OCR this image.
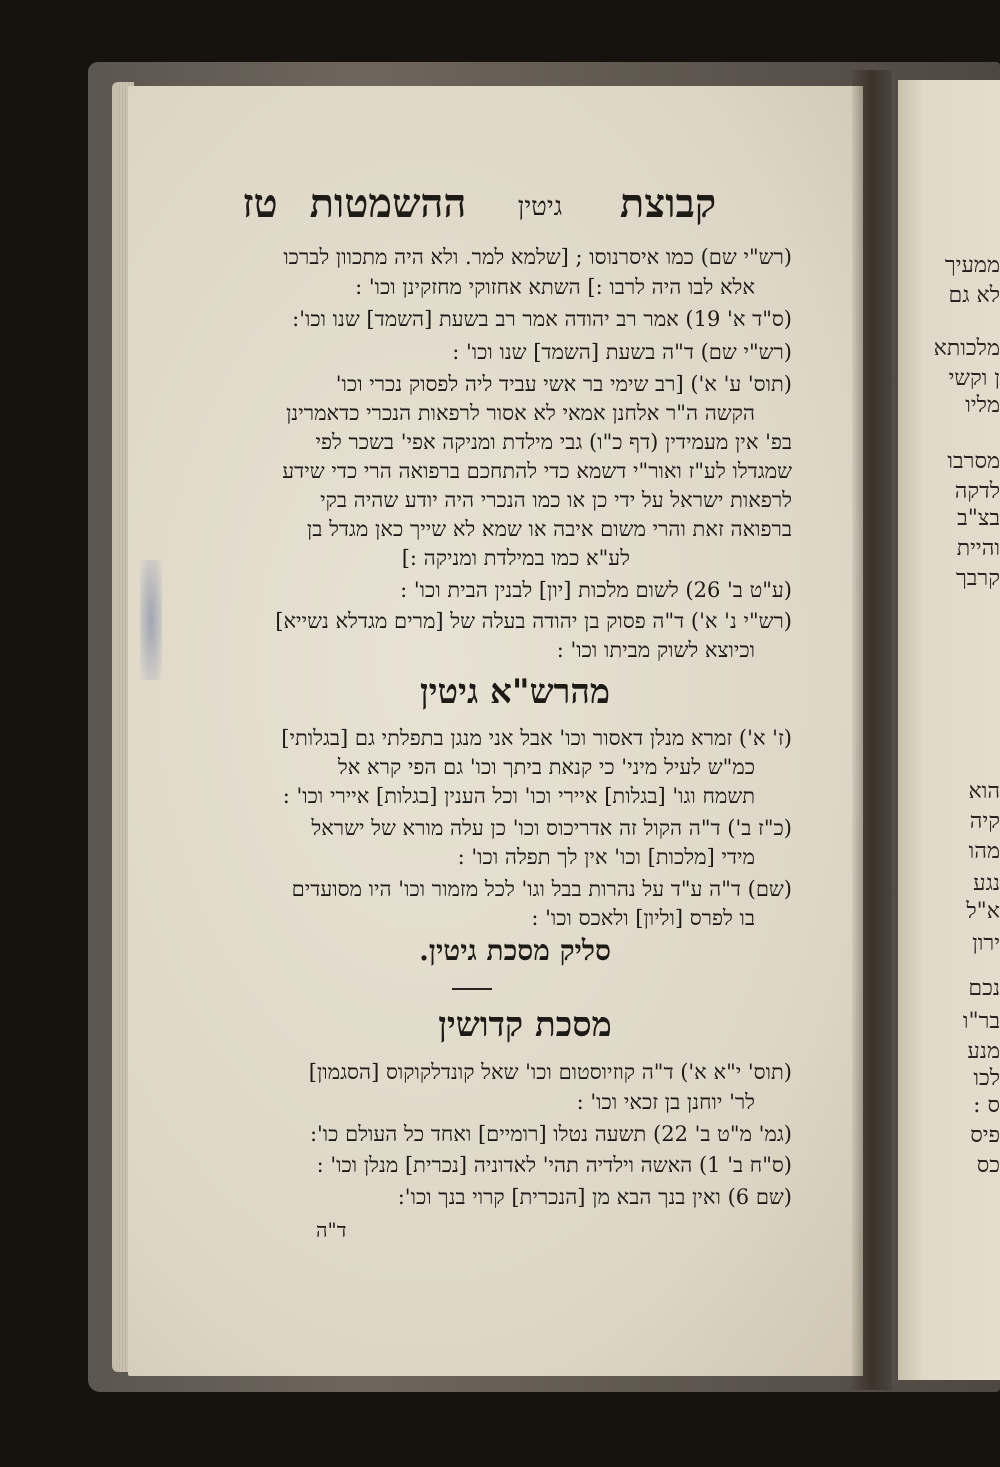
ממעיך
לא גם
מלכותא
ן וקשי
מליו
מסרבו
לדקה
בצ"ב
והיית
קרבך
הוא
קיה
מהו
נגע
א"ל
ירון
נכם
בר"ו
מנע
לכו
ס :
פיס
כס
קבוצת
גיטין
ההשמטות
טז
(רש"י שם) כמו איסרנוסו ; [שלמא למר. ולא היה מתכוון לברכו
אלא לבו היה לרבו :] השתא אחזוקי מחזקינן וכו' :
(ס"ד א' 19) אמר רב יהודה אמר רב בשעת [השמד] שנו וכו':
(רש"י שם) ד"ה בשעת [השמד] שנו וכו' :
(תוס' ע' א') [רב שימי בר אשי עביד ליה לפסוק נכרי וכו'
הקשה ה"ר אלחנן אמאי לא אסור לרפאות הנכרי כדאמרינן
בפ' אין מעמידין (דף כ"ו) גבי מילדת ומניקה אפי' בשכר לפי
שמגדלו לע"ז ואור"י דשמא כדי להתחכם ברפואה הרי כדי שידע
לרפאות ישראל על ידי כן או כמו הנכרי היה יודע שהיה בקי
ברפואה זאת והרי משום איבה או שמא לא שייך כאן מגדל בן
לע"א כמו במילדת ומניקה :]
(ע"ט ב' 26) לשום מלכות [יון] לבנין הבית וכו' :
(רש"י נ' א') ד"ה פסוק בן יהודה בעלה של [מרים מגדלא נשייא]
וכיוצא לשוק מביתו וכו' :
מהרש"א גיטין
(ז' א') זמרא מנלן דאסור וכו' אבל אני מנגן בתפלתי גם [בגלותי]
כמ"ש לעיל מיני' כי קנאת ביתך וכו' גם הפי קרא אל
תשמח וגו' [בגלות] איירי וכו' וכל הענין [בגלות] איירי וכו' :
(כ"ז ב') ד"ה הקול זה אדריכוס וכו' כן עלה מורא של ישראל
מידי [מלכות] וכו' אין לך תפלה וכו' :
(שם) ד"ה ע"ד על נהרות בבל וגו' לכל מזמור וכו' היו מסועדים
בו לפרס [וליון] ולאכס וכו' :
סליק מסכת גיטין.
מסכת קדושין
(תוס' י"א א') ד"ה קוזיוסטום וכו' שאל קונדלקוקוס [הסגמון]
לר' יוחנן בן זכאי וכו' :
(גמ' מ"ט ב' 22) תשעה נטלו [רומיים] ואחד כל העולם כו':
(ס"ח ב' 1) האשה וילדיה תהי' לאדוניה [נכרית] מנלן וכו' :
(שם 6) ואין בנך הבא מן [הנכרית] קרוי בנך וכו':
ד"ה
